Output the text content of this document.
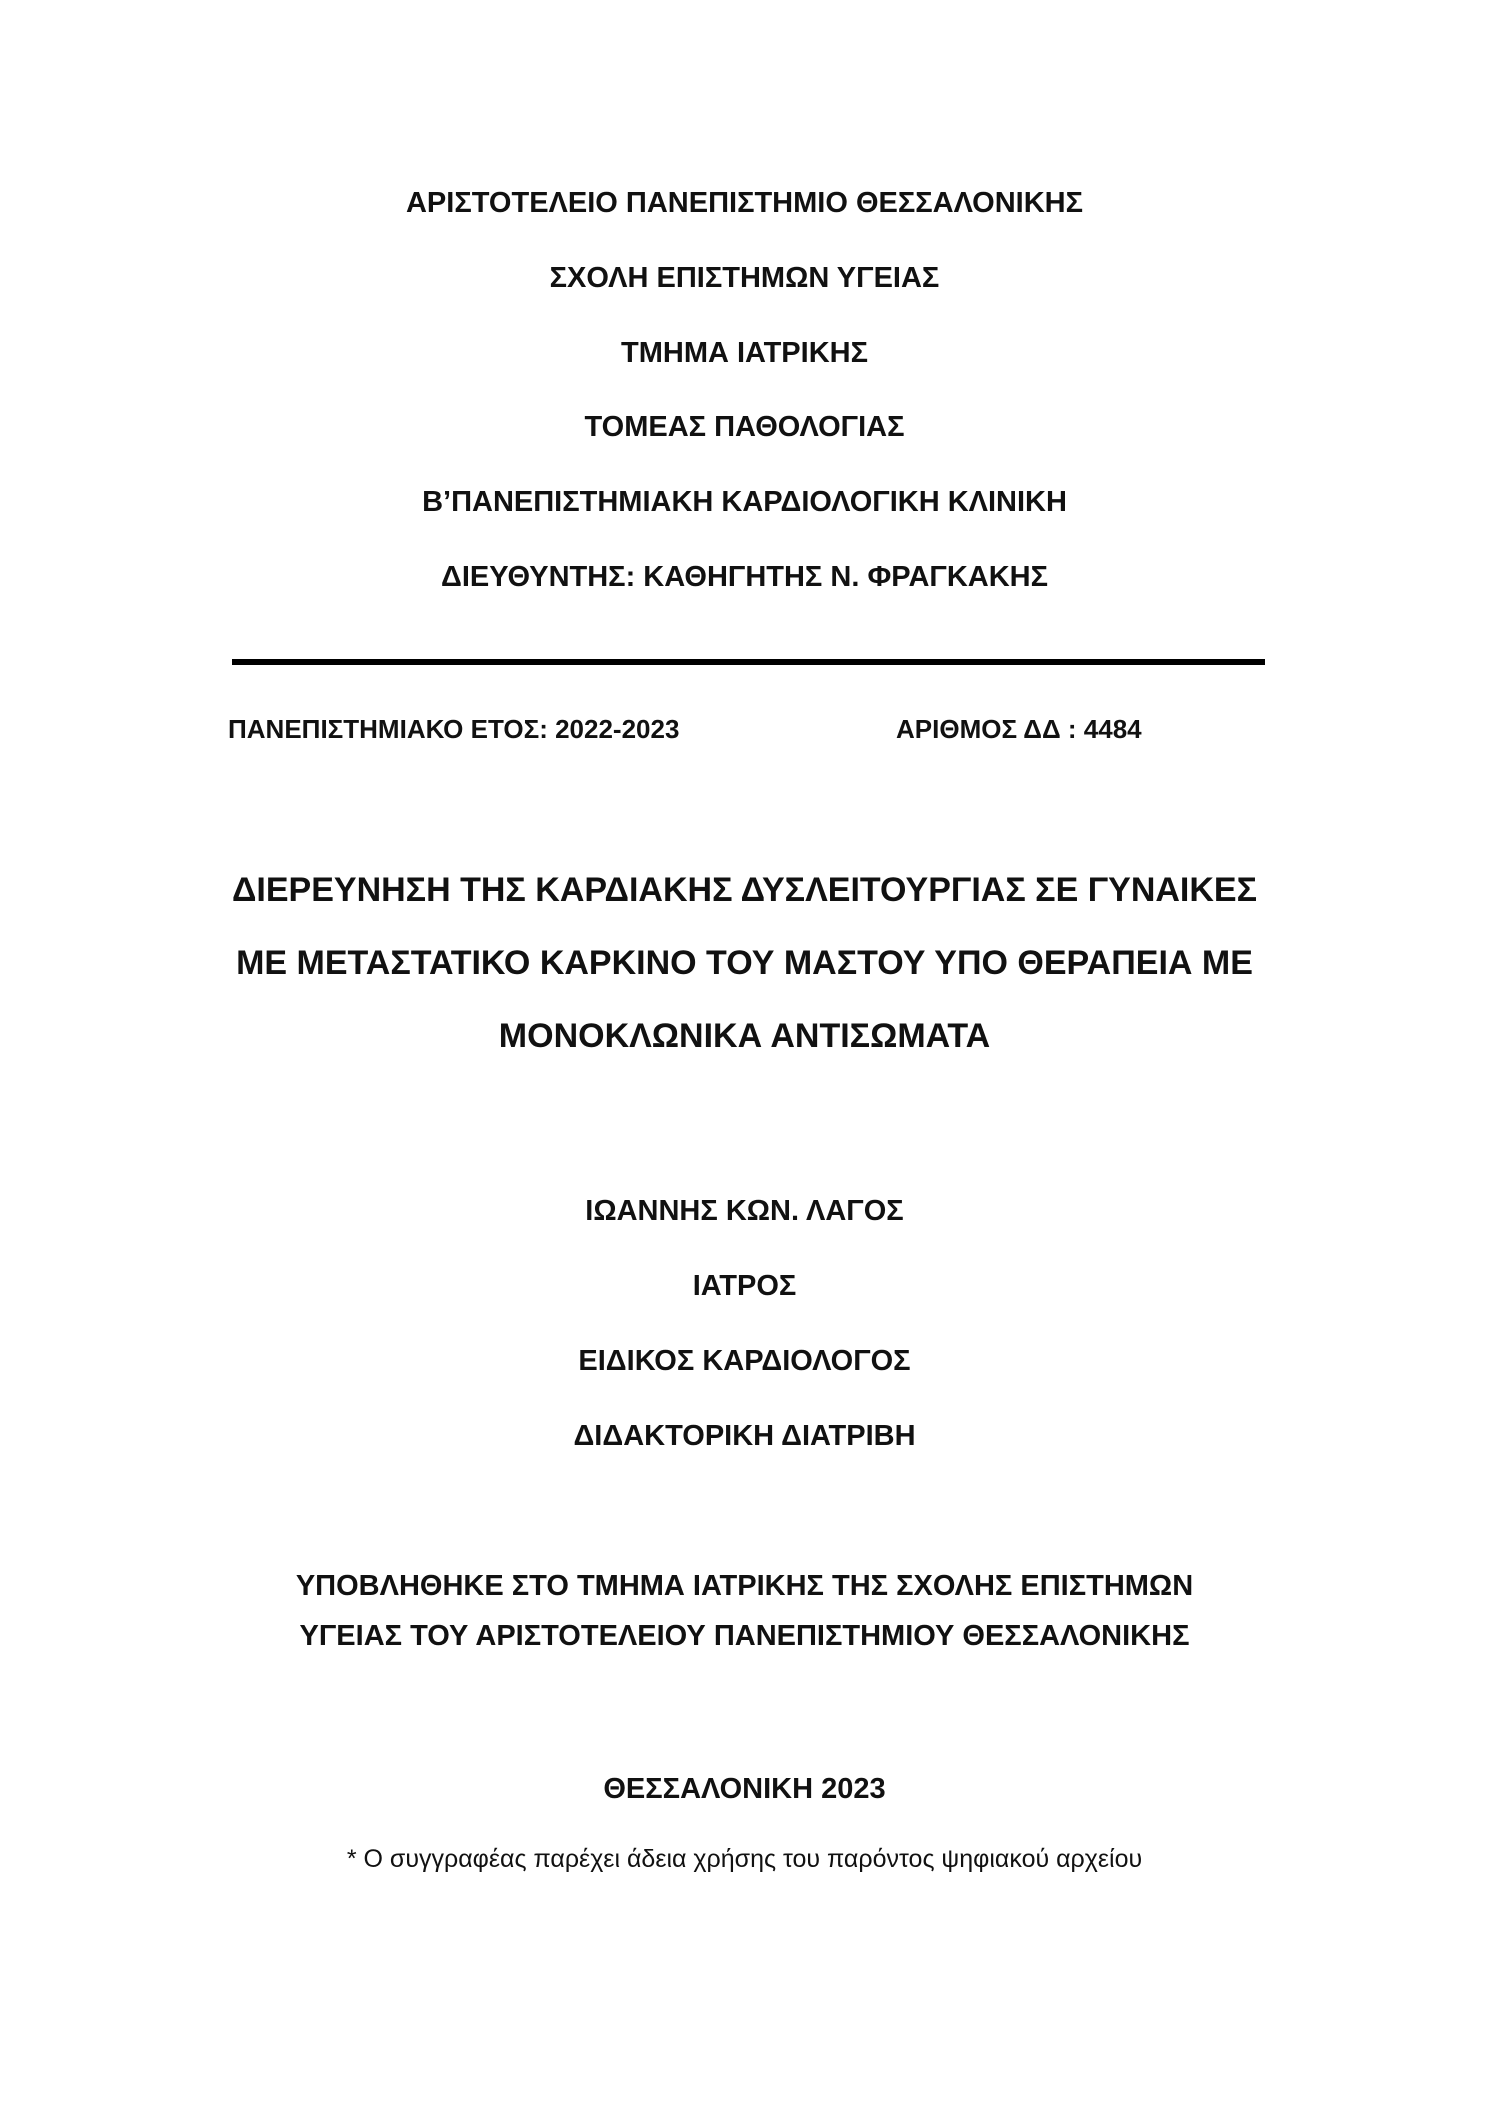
ΑΡΙΣΤΟΤΕΛΕΙΟ ΠΑΝΕΠΙΣΤΗΜΙΟ ΘΕΣΣΑΛΟΝΙΚΗΣ
ΣΧΟΛΗ ΕΠΙΣΤΗΜΩΝ ΥΓΕΙΑΣ
ΤΜΗΜΑ ΙΑΤΡΙΚΗΣ
ΤΟΜΕΑΣ ΠΑΘΟΛΟΓΙΑΣ
Β’ΠΑΝΕΠΙΣΤΗΜΙΑΚΗ ΚΑΡΔΙΟΛΟΓΙΚΗ ΚΛΙΝΙΚΗ
ΔΙΕΥΘΥΝΤΗΣ: ΚΑΘΗΓΗΤΗΣ Ν. ΦΡΑΓΚΑΚΗΣ
ΠΑΝΕΠΙΣΤΗΜΙΑΚΟ ΕΤΟΣ: 2022-2023	ΑΡΙΘΜΟΣ ΔΔ : 4484
ΔΙΕΡΕΥΝΗΣΗ ΤΗΣ ΚΑΡΔΙΑΚΗΣ ΔΥΣΛΕΙΤΟΥΡΓΙΑΣ ΣΕ ΓΥΝΑΙΚΕΣ
ΜΕ ΜΕΤΑΣΤΑΤΙΚΟ ΚΑΡΚΙΝΟ ΤΟΥ ΜΑΣΤΟΥ ΥΠΟ ΘΕΡΑΠΕΙΑ ΜΕ
ΜΟΝΟΚΛΩΝΙΚΑ ΑΝΤΙΣΩΜΑΤΑ
ΙΩΑΝΝΗΣ ΚΩΝ. ΛΑΓΟΣ
ΙΑΤΡΟΣ
ΕΙΔΙΚΟΣ ΚΑΡΔΙΟΛΟΓΟΣ
ΔΙΔΑΚΤΟΡΙΚΗ ΔΙΑΤΡΙΒΗ
ΥΠΟΒΛΗΘΗΚΕ ΣΤΟ ΤΜΗΜΑ ΙΑΤΡΙΚΗΣ ΤΗΣ ΣΧΟΛΗΣ ΕΠΙΣΤΗΜΩΝ
ΥΓΕΙΑΣ ΤΟΥ ΑΡΙΣΤΟΤΕΛΕΙΟΥ ΠΑΝΕΠΙΣΤΗΜΙΟΥ ΘΕΣΣΑΛΟΝΙΚΗΣ
ΘΕΣΣΑΛΟΝΙΚΗ 2023
* Ο συγγραφέας παρέχει άδεια χρήσης του παρόντος ψηφιακού αρχείου
